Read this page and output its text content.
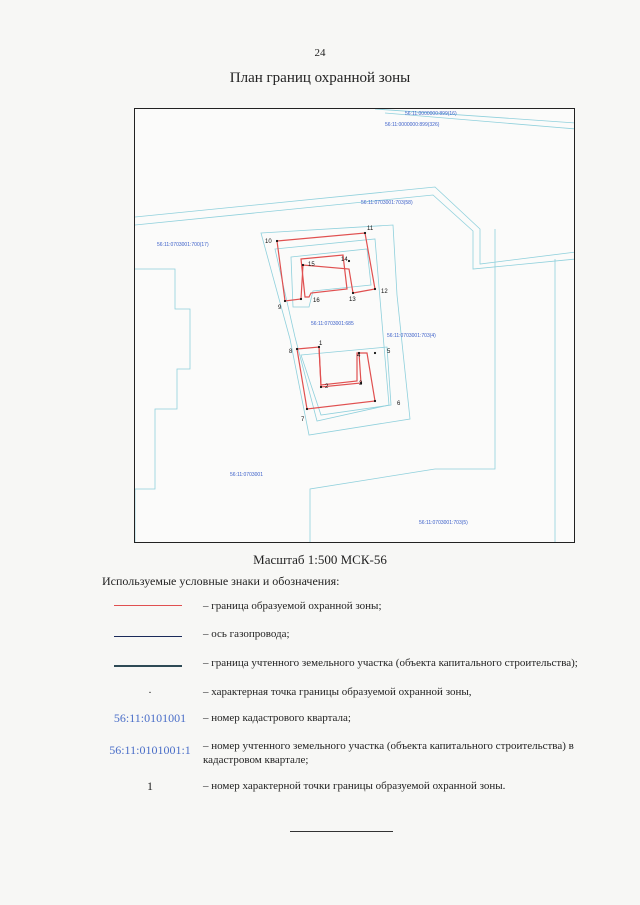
24
План границ охранной зоны
1
2	3
4
5
6
7
8
9
10
11
12
13
14
15
16
56:11:0000000:899(16)
56:11:0000000:899(326)
56:11:0703001:703(58)
56:11:0703001:700(17)
56:11:0703001:685
56:11:0703001:703(4)
56:11:0703001
56:11:0703001:703(5)
Масштаб 1:500 МСК-56
Используемые условные знаки и обозначения:
– граница образуемой охранной зоны;
– ось газопровода;
– граница учтенного земельного участка (объекта капитального строительства);
.	– характерная точка границы образуемой охранной зоны,
56:11:0101001	– номер кадастрового квартала;
56:11:0101001:1	– номер учтенного земельного участка (объекта капитального строительства) в кадастровом квартале;
1	– номер характерной точки границы образуемой охранной зоны.
